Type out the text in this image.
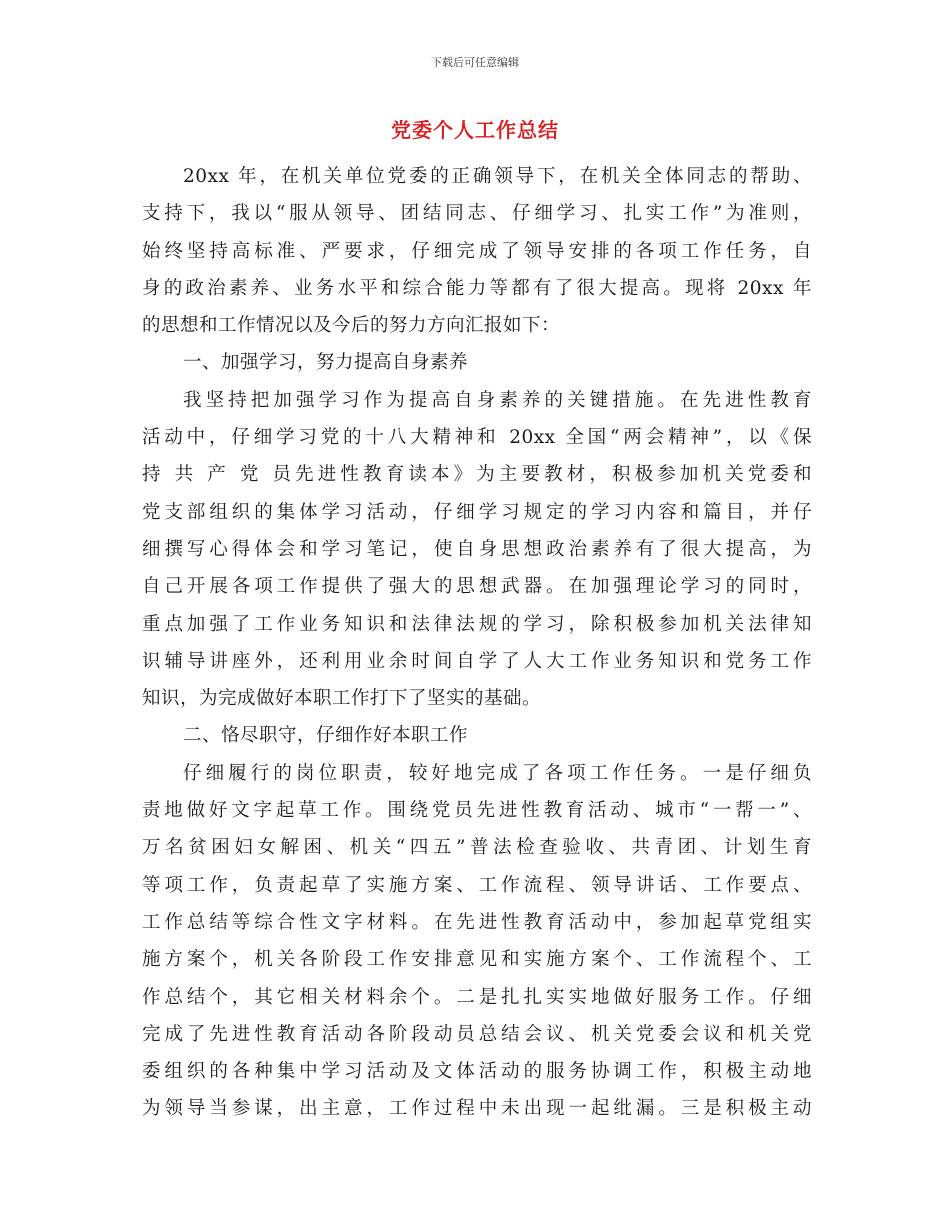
下载后可任意编辑
党委个人工作总结
20xx 年，在机关单位党委的正确领导下，在机关全体同志的帮助、
支持下，我以“服从领导、团结同志、仔细学习、扎实工作”为准则，
始终坚持高标准、严要求，仔细完成了领导安排的各项工作任务，自
身的政治素养、业务水平和综合能力等都有了很大提高。现将 20xx 年
的思想和工作情况以及今后的努力方向汇报如下：
一、加强学习，努力提高自身素养
我坚持把加强学习作为提高自身素养的关键措施。在先进性教育
活动中，仔细学习党的十八大精神和 20xx 全国“两会精神”，以《保
持 共 产 党 员先进性教育读本》为主要教材，积极参加机关党委和
党支部组织的集体学习活动，仔细学习规定的学习内容和篇目，并仔
细撰写心得体会和学习笔记，使自身思想政治素养有了很大提高，为
自己开展各项工作提供了强大的思想武器。在加强理论学习的同时，
重点加强了工作业务知识和法律法规的学习，除积极参加机关法律知
识辅导讲座外，还利用业余时间自学了人大工作业务知识和党务工作
知识，为完成做好本职工作打下了坚实的基础。
二、恪尽职守，仔细作好本职工作
仔细履行的岗位职责，较好地完成了各项工作任务。一是仔细负
责地做好文字起草工作。围绕党员先进性教育活动、城市“一帮一”、
万名贫困妇女解困、机关“四五”普法检查验收、共青团、计划生育
等项工作，负责起草了实施方案、工作流程、领导讲话、工作要点、
工作总结等综合性文字材料。在先进性教育活动中，参加起草党组实
施方案个，机关各阶段工作安排意见和实施方案个、工作流程个、工
作总结个，其它相关材料余个。二是扎扎实实地做好服务工作。仔细
完成了先进性教育活动各阶段动员总结会议、机关党委会议和机关党
委组织的各种集中学习活动及文体活动的服务协调工作，积极主动地
为领导当参谋，出主意，工作过程中未出现一起纰漏。三是积极主动
